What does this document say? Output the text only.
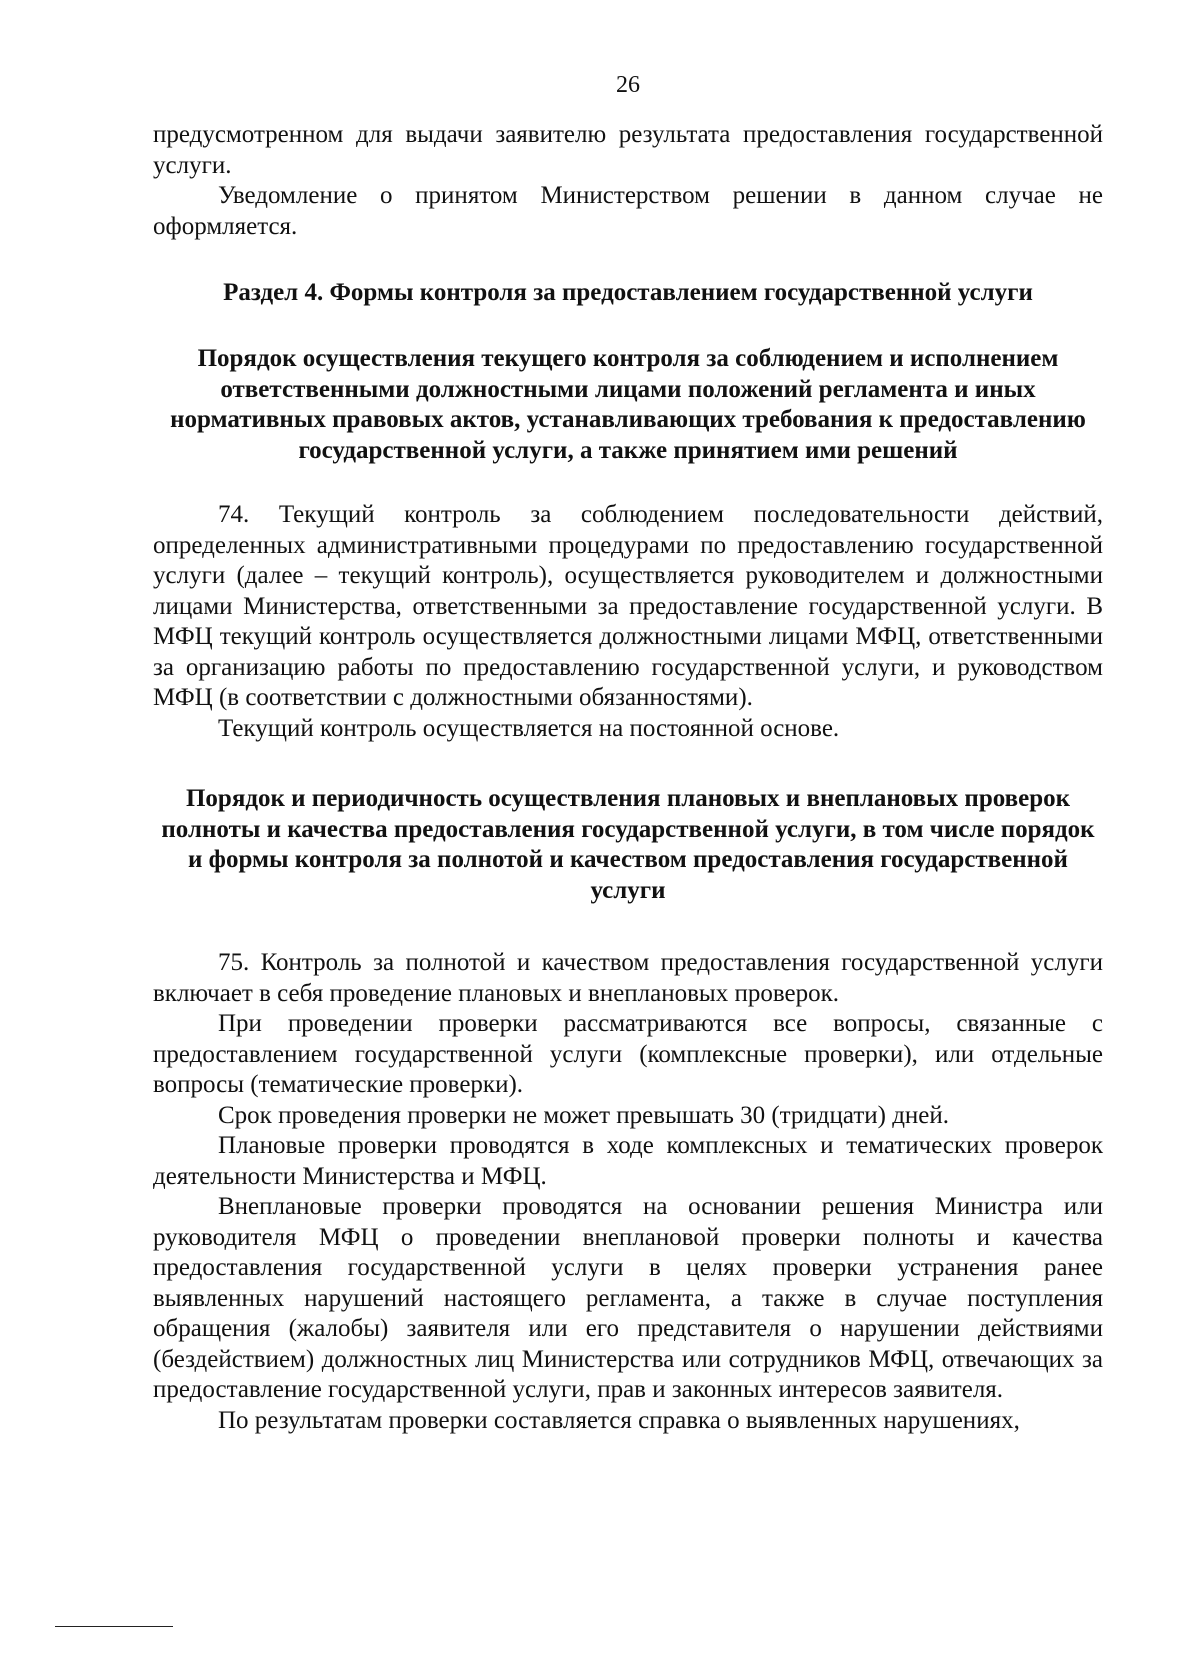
26

предусмотренном для выдачи заявителю результата предоставления государственной услуги.

Уведомление о принятом Министерством решении в данном случае не оформляется.

Раздел 4. Формы контроля за предоставлением государственной услуги
Порядок осуществления текущего контроля за соблюдением и исполнением ответственными должностными лицами положений регламента и иных нормативных правовых актов, устанавливающих требования к предоставлению государственной услуги, а также принятием ими решений

74. Текущий контроль за соблюдением последовательности действий, определенных административными процедурами по предоставлению государственной услуги (далее – текущий контроль), осуществляется руководителем и должностными лицами Министерства, ответственными за предоставление государственной услуги. В МФЦ текущий контроль осуществляется должностными лицами МФЦ, ответственными за организацию работы по предоставлению государственной услуги, и руководством МФЦ (в соответствии с должностными обязанностями).

Текущий контроль осуществляется на постоянной основе.

Порядок и периодичность осуществления плановых и внеплановых проверок полноты и качества предоставления государственной услуги, в том числе порядок и формы контроля за полнотой и качеством предоставления государственной услуги

75. Контроль за полнотой и качеством предоставления государственной услуги включает в себя проведение плановых и внеплановых проверок.

При проведении проверки рассматриваются все вопросы, связанные с предоставлением государственной услуги (комплексные проверки), или отдельные вопросы (тематические проверки).

Срок проведения проверки не может превышать 30 (тридцати) дней.

Плановые проверки проводятся в ходе комплексных и тематических проверок деятельности Министерства и МФЦ.

Внеплановые проверки проводятся на основании решения Министра или руководителя МФЦ о проведении внеплановой проверки полноты и качества предоставления государственной услуги в целях проверки устранения ранее выявленных нарушений настоящего регламента, а также в случае поступления обращения (жалобы) заявителя или его представителя о нарушении действиями (бездействием) должностных лиц Министерства или сотрудников МФЦ, отвечающих за предоставление государственной услуги, прав и законных интересов заявителя.

По результатам проверки составляется справка о выявленных нарушениях,
